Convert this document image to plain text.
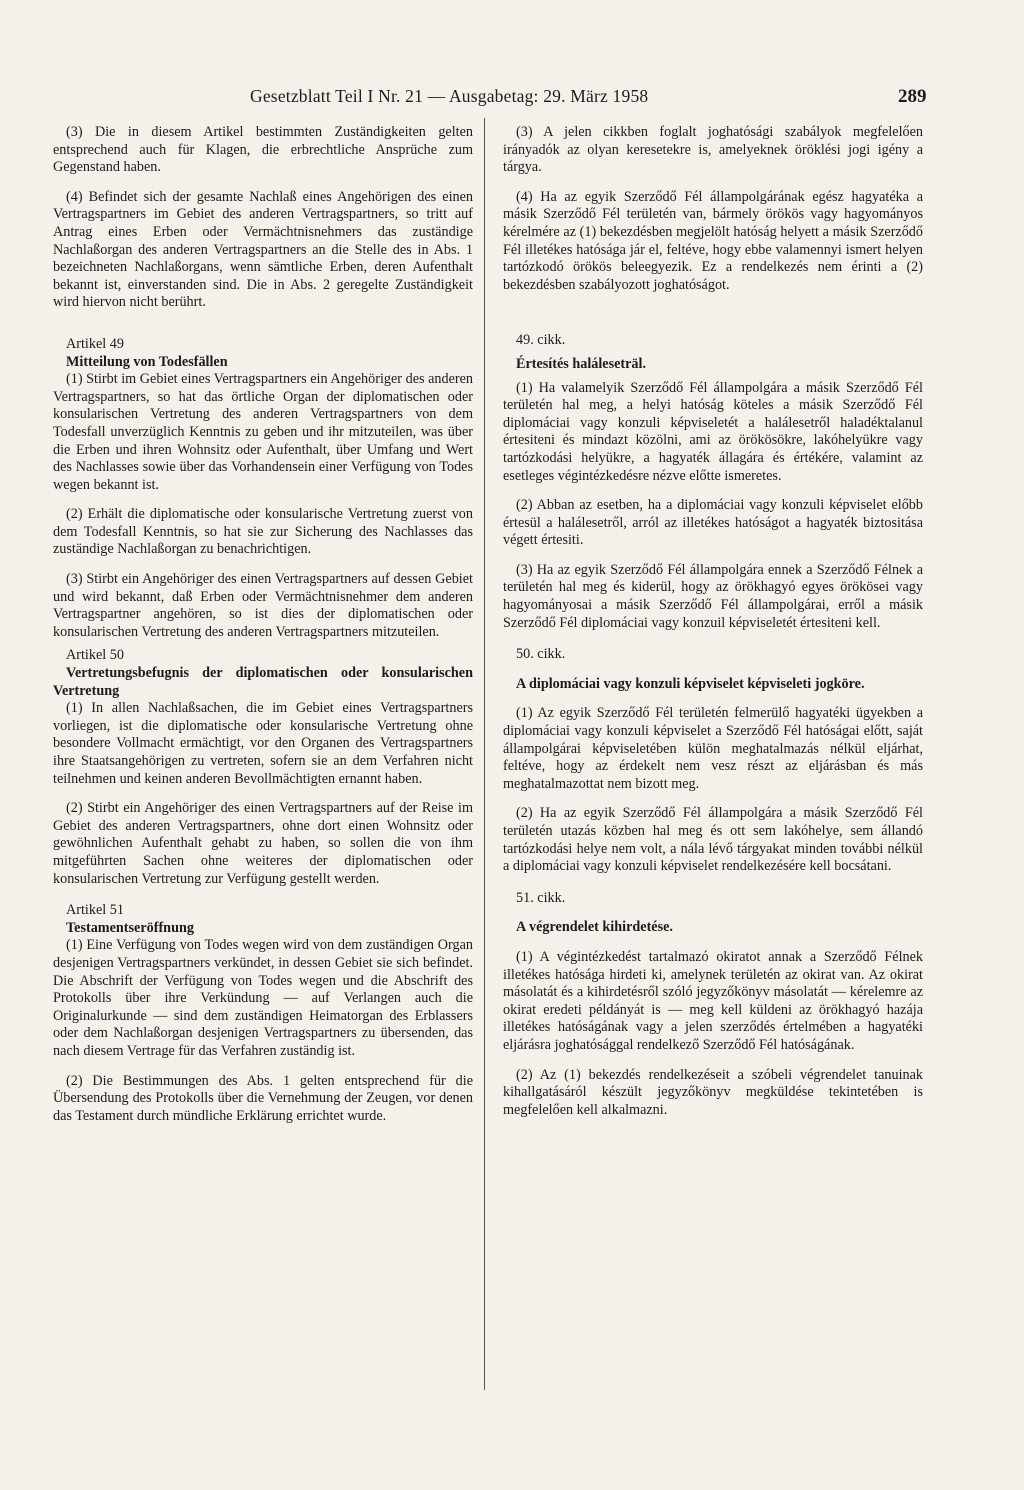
Gesetzblatt Teil I Nr. 21 — Ausgabetag: 29. März 1958	289

(3) Die in diesem Artikel bestimmten Zuständigkeiten gelten entsprechend auch für Klagen, die erbrechtliche Ansprüche zum Gegenstand haben.

(4) Befindet sich der gesamte Nachlaß eines Angehörigen des einen Vertragspartners im Gebiet des anderen Vertragspartners, so tritt auf Antrag eines Erben oder Vermächtnisnehmers das zuständige Nachlaßorgan des anderen Vertragspartners an die Stelle des in Abs. 1 bezeichneten Nachlaßorgans, wenn sämtliche Erben, deren Aufenthalt bekannt ist, einverstanden sind. Die in Abs. 2 geregelte Zuständigkeit wird hiervon nicht berührt.

Artikel 49

Mitteilung von Todesfällen

(1) Stirbt im Gebiet eines Vertragspartners ein Angehöriger des anderen Vertragspartners, so hat das örtliche Organ der diplomatischen oder konsularischen Vertretung des anderen Vertragspartners von dem Todesfall unverzüglich Kenntnis zu geben und ihr mitzuteilen, was über die Erben und ihren Wohnsitz oder Aufenthalt, über Umfang und Wert des Nachlasses sowie über das Vorhandensein einer Verfügung von Todes wegen bekannt ist.

(2) Erhält die diplomatische oder konsularische Vertretung zuerst von dem Todesfall Kenntnis, so hat sie zur Sicherung des Nachlasses das zuständige Nachlaßorgan zu benachrichtigen.

(3) Stirbt ein Angehöriger des einen Vertragspartners auf dessen Gebiet und wird bekannt, daß Erben oder Vermächtnisnehmer dem anderen Vertragspartner angehören, so ist dies der diplomatischen oder konsularischen Vertretung des anderen Vertragspartners mitzuteilen.

Artikel 50

Vertretungsbefugnis der diplomatischen oder konsularischen Vertretung

(1) In allen Nachlaßsachen, die im Gebiet eines Vertragspartners vorliegen, ist die diplomatische oder konsularische Vertretung ohne besondere Vollmacht ermächtigt, vor den Organen des Vertragspartners ihre Staatsangehörigen zu vertreten, sofern sie an dem Verfahren nicht teilnehmen und keinen anderen Bevollmächtigten ernannt haben.

(2) Stirbt ein Angehöriger des einen Vertragspartners auf der Reise im Gebiet des anderen Vertragspartners, ohne dort einen Wohnsitz oder gewöhnlichen Aufenthalt gehabt zu haben, so sollen die von ihm mitgeführten Sachen ohne weiteres der diplomatischen oder konsularischen Vertretung zur Verfügung gestellt werden.

Artikel 51

Testamentseröffnung

(1) Eine Verfügung von Todes wegen wird von dem zuständigen Organ desjenigen Vertragspartners verkündet, in dessen Gebiet sie sich befindet. Die Abschrift der Verfügung von Todes wegen und die Abschrift des Protokolls über ihre Verkündung — auf Verlangen auch die Originalurkunde — sind dem zuständigen Heimatorgan des Erblassers oder dem Nachlaßorgan desjenigen Vertragspartners zu übersenden, das nach diesem Vertrage für das Verfahren zuständig ist.

(2) Die Bestimmungen des Abs. 1 gelten entsprechend für die Übersendung des Protokolls über die Vernehmung der Zeugen, vor denen das Testament durch mündliche Erklärung errichtet wurde.

(3) A jelen cikkben foglalt joghatósági szabályok megfelelően irányadók az olyan keresetekre is, amelyeknek öröklési jogi igény a tárgya.

(4) Ha az egyik Szerződő Fél állampolgárának egész hagyatéka a másik Szerződő Fél területén van, bármely örökös vagy hagyományos kérelmére az (1) bekezdésben megjelölt hatóság helyett a másik Szerződő Fél illetékes hatósága jár el, feltéve, hogy ebbe valamennyi ismert helyen tartózkodó örökös beleegyezik. Ez a rendelkezés nem érinti a (2) bekezdésben szabályozott joghatóságot.

49. cikk.

Értesítés haláleseträl.

(1) Ha valamelyik Szerződő Fél állampolgára a másik Szerződő Fél területén hal meg, a helyi hatóság köteles a másik Szerződő Fél diplomáciai vagy konzuli képviseletét a halálesetről haladéktalanul értesiteni és mindazt közölni, ami az örökösökre, lakóhelyükre vagy tartózkodási helyükre, a hagyaték állagára és értékére, valamint az esetleges végintézkedésre nézve előtte ismeretes.

(2) Abban az esetben, ha a diplomáciai vagy konzuli képviselet előbb értesül a halálesetről, arról az illetékes hatóságot a hagyaték biztositása végett értesiti.

(3) Ha az egyik Szerződő Fél állampolgára ennek a Szerződő Félnek a területén hal meg és kiderül, hogy az örökhagyó egyes örökösei vagy hagyományosai a másik Szerződő Fél állampolgárai, erről a másik Szerződő Fél diplomáciai vagy konzuil képviseletét értesiteni kell.

50. cikk.

A diplomáciai vagy konzuli képviselet képviseleti jogköre.

(1) Az egyik Szerződő Fél területén felmerülő hagyatéki ügyekben a diplomáciai vagy konzuli képviselet a Szerződő Fél hatóságai előtt, saját állampolgárai képviseletében külön meghatalmazás nélkül eljárhat, feltéve, hogy az érdekelt nem vesz részt az eljárásban és más meghatalmazottat nem bizott meg.

(2) Ha az egyik Szerződő Fél állampolgára a másik Szerződő Fél területén utazás közben hal meg és ott sem lakóhelye, sem állandó tartózkodási helye nem volt, a nála lévő tárgyakat minden további nélkül a diplomáciai vagy konzuli képviselet rendelkezésére kell bocsátani.

51. cikk.

A végrendelet kihirdetése.

(1) A végintézkedést tartalmazó okiratot annak a Szerződő Félnek illetékes hatósága hirdeti ki, amelynek területén az okirat van. Az okirat másolatát és a kihirdetésről szóló jegyzőkönyv másolatát — kérelemre az okirat eredeti példányát is — meg kell küldeni az örökhagyó hazája illetékes hatóságának vagy a jelen szerződés értelmében a hagyatéki eljárásra joghatósággal rendelkező Szerződő Fél hatóságának.

(2) Az (1) bekezdés rendelkezéseit a szóbeli végrendelet tanuinak kihallgatásáról készült jegyzőkönyv megküldése tekintetében is megfelelően kell alkalmazni.
